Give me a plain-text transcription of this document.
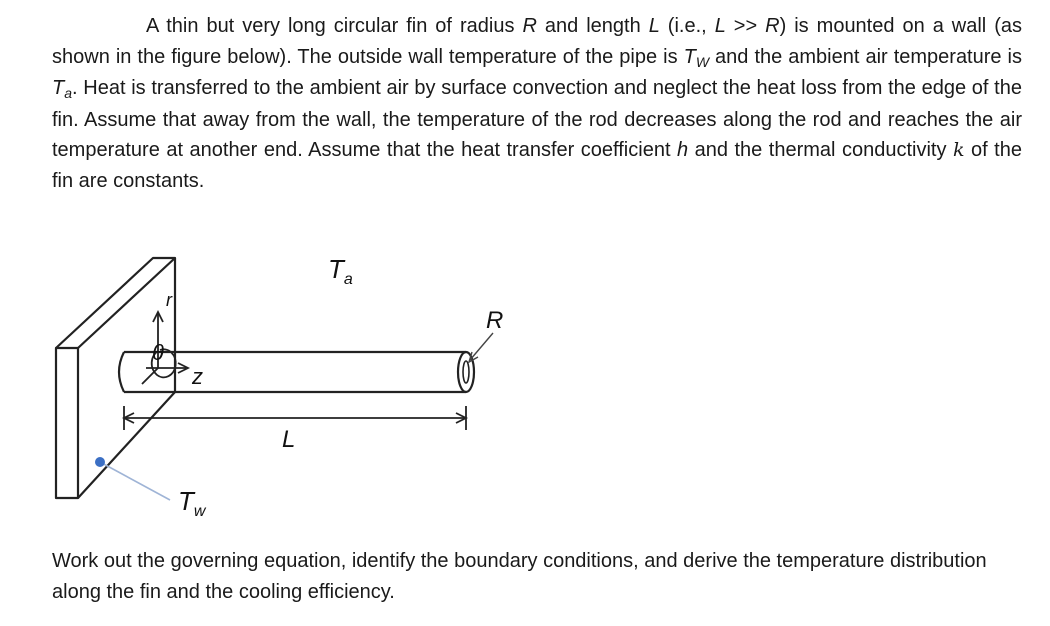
A thin but very long circular fin of radius R and length L (i.e., L >> R) is mounted on a wall (as shown in the figure below). The outside wall temperature of the pipe is $T_W$ and the ambient air temperature is $T_a$. Heat is transferred to the ambient air by surface convection and neglect the heat loss from the edge of the fin. Assume that away from the wall, the temperature of the rod decreases along the rod and reaches the air temperature at another end. Assume that the heat transfer coefficient h and the thermal conductivity k of the fin are constants.
$T_a$
R
r
θ
z
L
$T_w$
Work out the governing equation, identify the boundary conditions, and derive the temperature distribution along the fin and the cooling efficiency.
